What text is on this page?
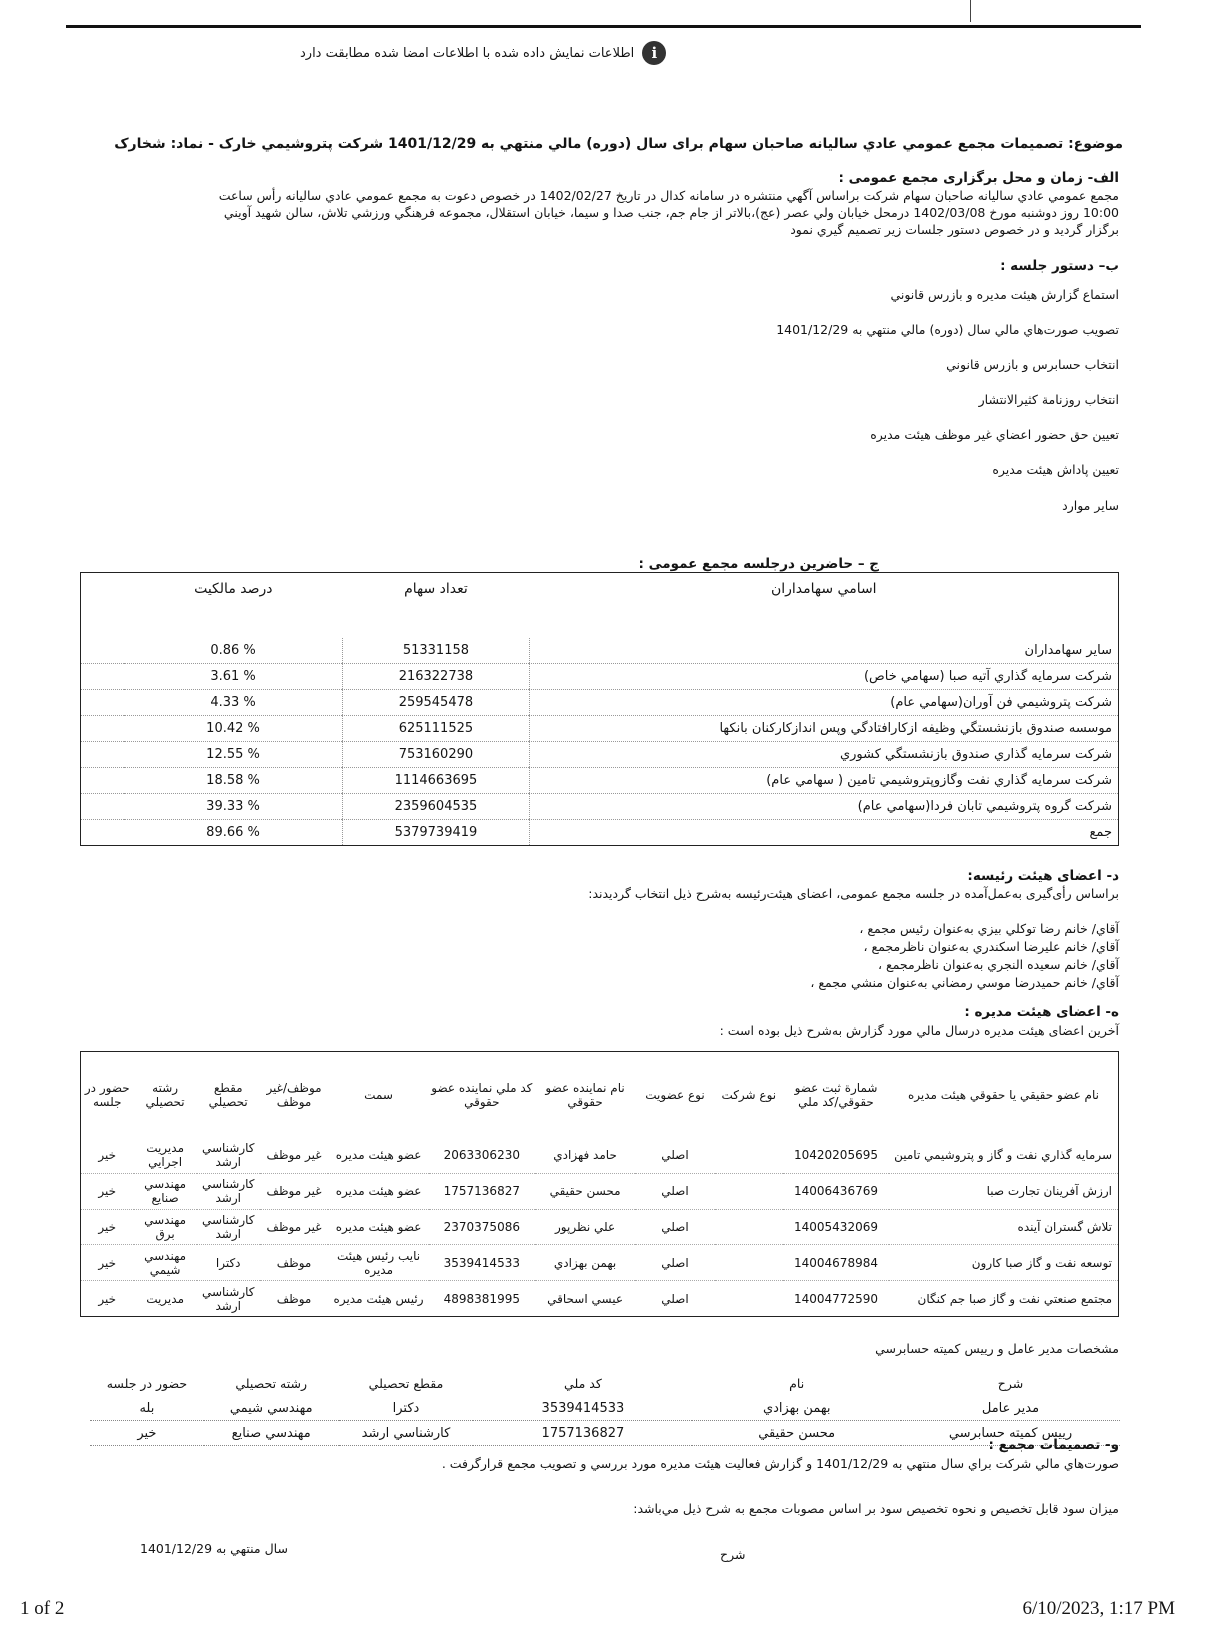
i
اطلاعات نمايش داده شده با اطلاعات امضا شده مطابقت دارد
موضوع: تصميمات مجمع عمومي عادي ساليانه صاحبان سهام براى سال (دوره) مالي منتهي به 1401/12/29 شركت پتروشيمي خارک - نماد: شخارک
الف- زمان و محل برگزاری مجمع عمومی :
مجمع عمومي عادي ساليانه صاحبان سهام شركت براساس آگهي منتشره در سامانه كدال در تاريخ 1402/02/27 در خصوص دعوت به مجمع عمومي عادي ساليانه رأس ساعت
10:00 روز دوشنبه مورخ 1402/03/08 درمحل خيابان ولي عصر (عج)،بالاتر از جام جم، جنب صدا و سيما، خيابان استقلال، مجموعه فرهنگي ورزشي تلاش، سالن شهيد آويني
برگزار گرديد و در خصوص دستور جلسات زير تصميم گيري نمود
ب– دستور جلسه :
استماع گزارش هيئت مديره و بازرس قانوني
تصويب صورت‌هاي مالي سال (دوره) مالي منتهي به 1401/12/29
انتخاب حسابرس و بازرس قانوني
انتخاب روزنامة كثيرالانتشار
تعيين حق حضور اعضاي غير موظف هيئت مديره
تعيين پاداش هيئت مديره
ساير موارد
ج – حاضرين درجلسه مجمع عمومی :
اسامي سهامداران	تعداد سهام	درصد مالكيت	
ساير سهامداران	51331158	% 0.86	
شركت سرمايه گذاري آتيه صبا (سهامي خاص)	216322738	% 3.61	
شركت پتروشيمي فن آوران(سهامي عام)	259545478	% 4.33	
موسسه صندوق بازنشستگي وظيفه ازكارافتادگي وپس اندازكاركنان بانكها	625111525	% 10.42	
شركت سرمايه گذاري صندوق بازنشستگي كشوري	753160290	% 12.55	
شركت سرمايه گذاري نفت وگازوپتروشيمي تامين ( سهامي عام)	1114663695	% 18.58	
شركت گروه پتروشيمي تابان فردا(سهامي عام)	2359604535	% 39.33	
جمع	5379739419	% 89.66	
د- اعضای هیئت رئیسه:
براساس رأی‌گیری به‌عمل‌آمده در جلسه مجمع عمومی، اعضای هیئت‌رئیسه به‌شرح ذیل انتخاب گردیدند:
آقاي/ خانم رضا توكلي بيزي به‌عنوان رئيس مجمع ،
آقاي/ خانم عليرضا اسكندري به‌عنوان ناظرمجمع ،
آقاي/ خانم سعيده النجري به‌عنوان ناظرمجمع ،
آقاي/ خانم حميدرضا موسي رمضاني به‌عنوان منشي مجمع ،
ه- اعضای هیئت مدیره :
آخرين اعضاى هيئت مديره درسال مالي مورد گزارش به‌شرح ذيل بوده است :
نام عضو حقيقي يا حقوقي هيئت مديره	شمارة ثبت عضو حقوقي/كد ملي	نوع شركت	نوع عضويت	نام نماينده عضو حقوقي	كد ملي نماينده عضو حقوقي	سمت	موظف/غير موظف	مقطع تحصيلي	رشته تحصيلي	حضور در جلسه
سرمايه گذاري نفت و گاز و پتروشيمي تامين	10420205695		اصلي	حامد فهزادي	2063306230	عضو هيئت مديره	غير موظف	كارشناسي ارشد	مديريت اجرايي	خير
ارزش آفرينان تجارت صبا	14006436769		اصلي	محسن حقيقي	1757136827	عضو هيئت مديره	غير موظف	كارشناسي ارشد	مهندسي صنايع	خير
تلاش گستران آينده	14005432069		اصلي	علي نظرپور	2370375086	عضو هيئت مديره	غير موظف	كارشناسي ارشد	مهندسي برق	خير
توسعه نفت و گاز صبا كارون	14004678984		اصلي	بهمن بهزادي	3539414533	نايب رئيس هيئت مديره	موظف	دكترا	مهندسي شيمي	خير
مجتمع صنعتي نفت و گاز صبا جم كنگان	14004772590		اصلي	عيسي اسحاقي	4898381995	رئيس هيئت مديره	موظف	كارشناسي ارشد	مديريت	خير
مشخصات مدير عامل و رييس كميته حسابرسي
شرح	نام	كد ملي	مقطع تحصيلي	رشته تحصيلي	حضور در جلسه
مدير عامل	بهمن بهزادي	3539414533	دكترا	مهندسي شيمي	بله
رييس كميته حسابرسي	محسن حقيقي	1757136827	كارشناسي ارشد	مهندسي صنايع	خير
و- تصميمات مجمع :
صورت‌هاي مالي شركت براي سال منتهي به 1401/12/29 و گزارش فعاليت هيئت مديره مورد بررسي و تصويب مجمع قرارگرفت .
ميزان سود قابل تخصيص و نحوه تخصيص سود بر اساس مصوبات مجمع به شرح ذيل مي‌باشد:
شرح
سال منتهي به 1401/12/29
1 of 2	6/10/2023, 1:17 PM
